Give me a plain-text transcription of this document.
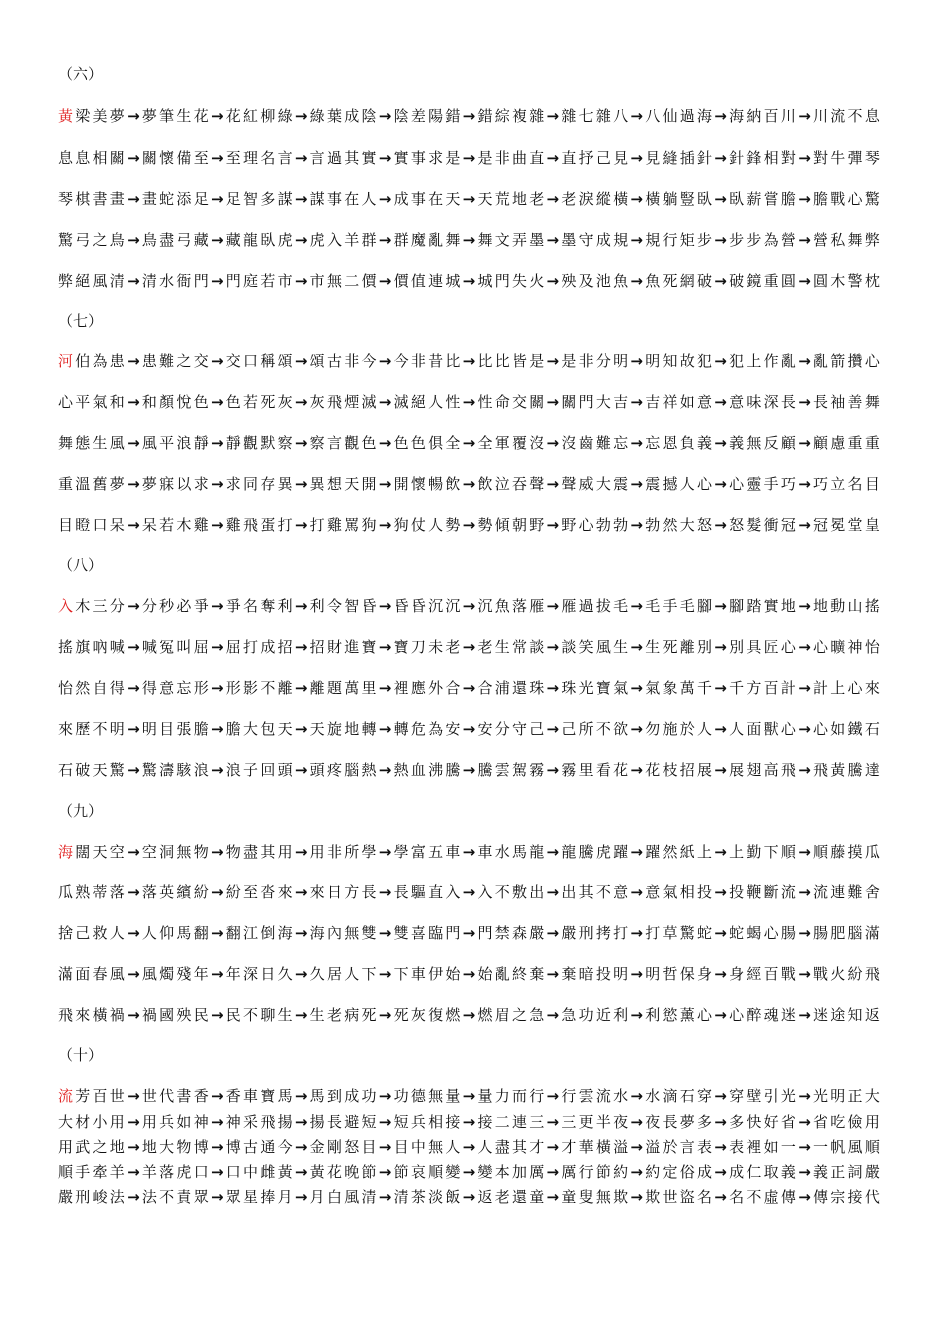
（六）
黃 梁 美 夢 → 夢 筆 生 花 → 花 紅 柳 綠 → 綠 葉 成 陰 → 陰 差 陽 錯 → 錯 綜 複 雜 → 雜 七 雜 八 → 八 仙 過 海 → 海 納 百 川 → 川 流 不 息
息 息 相 關 → 關 懷 備 至 → 至 理 名 言 → 言 過 其 實 → 實 事 求 是 → 是 非 曲 直 → 直 抒 己 見 → 見 縫 插 針 → 針 鋒 相 對 → 對 牛 彈 琴
琴 棋 書 畫 → 畫 蛇 添 足 → 足 智 多 謀 → 謀 事 在 人 → 成 事 在 天 → 天 荒 地 老 → 老 淚 縱 橫 → 橫 躺 豎 臥 → 臥 薪 嘗 膽 → 膽 戰 心 驚
驚 弓 之 鳥 → 鳥 盡 弓 藏 → 藏 龍 臥 虎 → 虎 入 羊 群 → 群 魔 亂 舞 → 舞 文 弄 墨 → 墨 守 成 規 → 規 行 矩 步 → 步 步 為 營 → 營 私 舞 弊
弊 絕 風 清 → 清 水 衙 門 → 門 庭 若 市 → 市 無 二 價 → 價 值 連 城 → 城 門 失 火 → 殃 及 池 魚 → 魚 死 網 破 → 破 鏡 重 圓 → 圓 木 警 枕
（七）
河 伯 為 患 → 患 難 之 交 → 交 口 稱 頌 → 頌 古 非 今 → 今 非 昔 比 → 比 比 皆 是 → 是 非 分 明 → 明 知 故 犯 → 犯 上 作 亂 → 亂 箭 攢 心
心 平 氣 和 → 和 顏 悅 色 → 色 若 死 灰 → 灰 飛 煙 滅 → 滅 絕 人 性 → 性 命 交 關 → 關 門 大 吉 → 吉 祥 如 意 → 意 味 深 長 → 長 袖 善 舞
舞 態 生 風 → 風 平 浪 靜 → 靜 觀 默 察 → 察 言 觀 色 → 色 色 俱 全 → 全 軍 覆 沒 → 沒 齒 難 忘 → 忘 恩 負 義 → 義 無 反 顧 → 顧 慮 重 重
重 溫 舊 夢 → 夢 寐 以 求 → 求 同 存 異 → 異 想 天 開 → 開 懷 暢 飲 → 飲 泣 吞 聲 → 聲 威 大 震 → 震 撼 人 心 → 心 靈 手 巧 → 巧 立 名 目
目 瞪 口 呆 → 呆 若 木 雞 → 雞 飛 蛋 打 → 打 雞 罵 狗 → 狗 仗 人 勢 → 勢 傾 朝 野 → 野 心 勃 勃 → 勃 然 大 怒 → 怒 髮 衝 冠 → 冠 冕 堂 皇
（八）
入 木 三 分 → 分 秒 必 爭 → 爭 名 奪 利 → 利 令 智 昏 → 昏 昏 沉 沉 → 沉 魚 落 雁 → 雁 過 拔 毛 → 毛 手 毛 腳 → 腳 踏 實 地 → 地 動 山 搖
搖 旗 吶 喊 → 喊 冤 叫 屈 → 屈 打 成 招 → 招 財 進 寶 → 寶 刀 未 老 → 老 生 常 談 → 談 笑 風 生 → 生 死 離 別 → 別 具 匠 心 → 心 曠 神 怡
怡 然 自 得 → 得 意 忘 形 → 形 影 不 離 → 離 題 萬 里 → 裡 應 外 合 → 合 浦 還 珠 → 珠 光 寶 氣 → 氣 象 萬 千 → 千 方 百 計 → 計 上 心 來
來 歷 不 明 → 明 目 張 膽 → 膽 大 包 天 → 天 旋 地 轉 → 轉 危 為 安 → 安 分 守 己 → 己 所 不 欲 → 勿 施 於 人 → 人 面 獸 心 → 心 如 鐵 石
石 破 天 驚 → 驚 濤 駭 浪 → 浪 子 回 頭 → 頭 疼 腦 熱 → 熱 血 沸 騰 → 騰 雲 駕 霧 → 霧 里 看 花 → 花 枝 招 展 → 展 翅 高 飛 → 飛 黃 騰 達
（九）
海 闊 天 空 → 空 洞 無 物 → 物 盡 其 用 → 用 非 所 學 → 學 富 五 車 → 車 水 馬 龍 → 龍 騰 虎 躍 → 躍 然 紙 上 → 上 勤 下 順 → 順 藤 摸 瓜
瓜 熟 蒂 落 → 落 英 繽 紛 → 紛 至 沓 來 → 來 日 方 長 → 長 驅 直 入 → 入 不 敷 出 → 出 其 不 意 → 意 氣 相 投 → 投 鞭 斷 流 → 流 連 難 舍
捨 己 救 人 → 人 仰 馬 翻 → 翻 江 倒 海 → 海 內 無 雙 → 雙 喜 臨 門 → 門 禁 森 嚴 → 嚴 刑 拷 打 → 打 草 驚 蛇 → 蛇 蝎 心 腸 → 腸 肥 腦 滿
滿 面 春 風 → 風 燭 殘 年 → 年 深 日 久 → 久 居 人 下 → 下 車 伊 始 → 始 亂 終 棄 → 棄 暗 投 明 → 明 哲 保 身 → 身 經 百 戰 → 戰 火 紛 飛
飛 來 橫 禍 → 禍 國 殃 民 → 民 不 聊 生 → 生 老 病 死 → 死 灰 復 燃 → 燃 眉 之 急 → 急 功 近 利 → 利 慾 薰 心 → 心 醉 魂 迷 → 迷 途 知 返
（十）
流 芳 百 世 → 世 代 書 香 → 香 車 寶 馬 → 馬 到 成 功 → 功 德 無 量 → 量 力 而 行 → 行 雲 流 水 → 水 滴 石 穿 → 穿 壁 引 光 → 光 明 正 大
大 材 小 用 → 用 兵 如 神 → 神 采 飛 揚 → 揚 長 避 短 → 短 兵 相 接 → 接 二 連 三 → 三 更 半 夜 → 夜 長 夢 多 → 多 快 好 省 → 省 吃 儉 用
用 武 之 地 → 地 大 物 博 → 博 古 通 今 → 金 剛 怒 目 → 目 中 無 人 → 人 盡 其 才 → 才 華 橫 溢 → 溢 於 言 表 → 表 裡 如 一 → 一 帆 風 順
順 手 牽 羊 → 羊 落 虎 口 → 口 中 雌 黃 → 黃 花 晚 節 → 節 哀 順 變 → 變 本 加 厲 → 厲 行 節 約 → 約 定 俗 成 → 成 仁 取 義 → 義 正 詞 嚴
嚴 刑 峻 法 → 法 不 責 眾 → 眾 星 捧 月 → 月 白 風 清 → 清 茶 淡 飯 → 返 老 還 童 → 童 叟 無 欺 → 欺 世 盜 名 → 名 不 虛 傳 → 傳 宗 接 代
